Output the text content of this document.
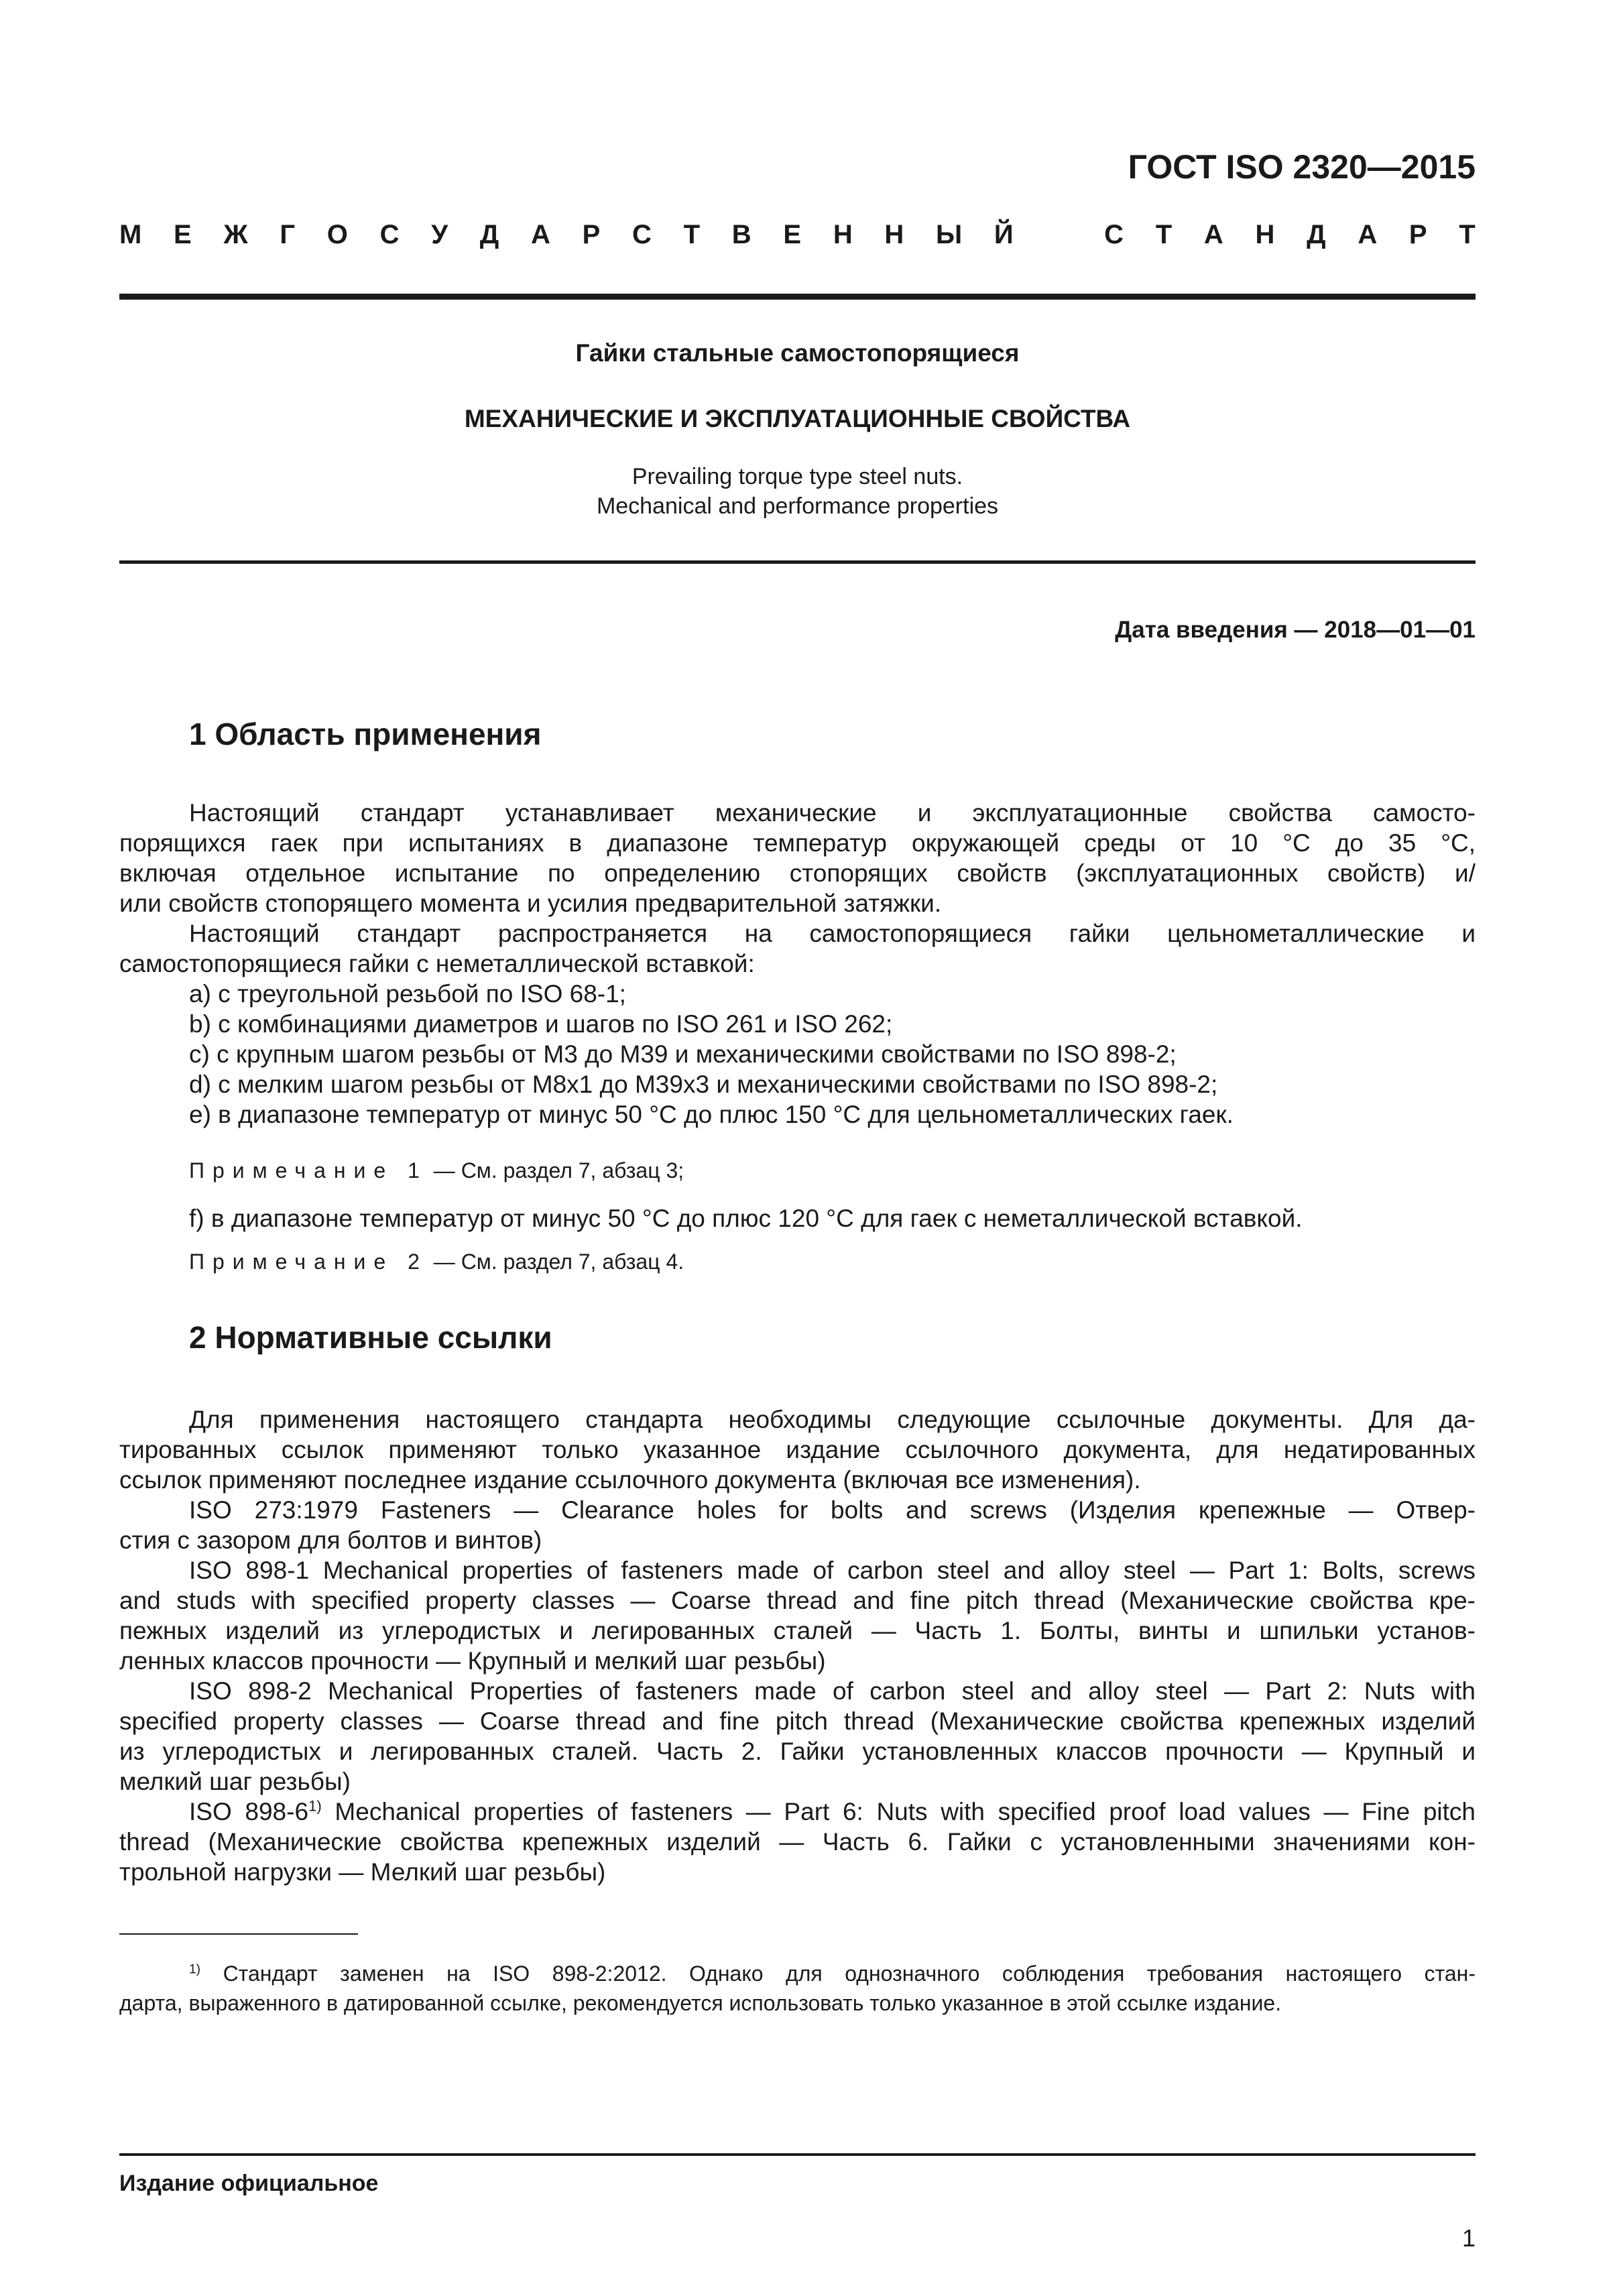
ГОСТ ISO 2320—2015
М Е Ж Г О С У Д А Р С Т В Е Н Н Ы Й	С Т А Н Д А Р Т
Гайки стальные самостопорящиеся
МЕХАНИЧЕСКИЕ И ЭКСПЛУАТАЦИОННЫЕ СВОЙСТВА
Prevailing torque type steel nuts.
Mechanical and performance properties
Дата введения — 2018—01—01
1 Область применения
Настоящий стандарт устанавливает механические и эксплуатационные свойства самосто-
порящихся гаек при испытаниях в диапазоне температур окружающей среды от 10 °С до 35 °С,
включая отдельное испытание по определению стопорящих свойств (эксплуатационных свойств) и/
или свойств стопорящего момента и усилия предварительной затяжки.
Настоящий стандарт распространяется на самостопорящиеся гайки цельнометаллические и
самостопорящиеся гайки с неметаллической вставкой:
a) с треугольной резьбой по ISO 68-1;
b) с комбинациями диаметров и шагов по ISO 261 и ISO 262;
c) с крупным шагом резьбы от М3 до М39 и механическими свойствами по ISO 898-2;
d) с мелким шагом резьбы от М8х1 до М39х3 и механическими свойствами по ISO 898-2;
e) в диапазоне температур от минус 50 °С до плюс 150 °С для цельнометаллических гаек.
Примечание 1 — См. раздел 7, абзац 3;
f) в диапазоне температур от минус 50 °С до плюс 120 °С для гаек с неметаллической вставкой.
Примечание 2 — См. раздел 7, абзац 4.
2 Нормативные ссылки
Для применения настоящего стандарта необходимы следующие ссылочные документы. Для да-
тированных ссылок применяют только указанное издание ссылочного документа, для недатированных
ссылок применяют последнее издание ссылочного документа (включая все изменения).
ISO 273:1979 Fasteners — Clearance holes for bolts and screws (Изделия крепежные — Отвер-
стия с зазором для болтов и винтов)
ISO 898-1 Mechanical properties of fasteners made of carbon steel and alloy steel — Part 1: Bolts, screws
and studs with specified property classes — Coarse thread and fine pitch thread (Механические свойства кре-
пежных изделий из углеродистых и легированных сталей — Часть 1. Болты, винты и шпильки установ-
ленных классов прочности — Крупный и мелкий шаг резьбы)
ISO 898-2 Mechanical Properties of fasteners made of carbon steel and alloy steel — Part 2: Nuts with
specified property classes — Coarse thread and fine pitch thread (Механические свойства крепежных изделий
из углеродистых и легированных сталей. Часть 2. Гайки установленных классов прочности — Крупный и
мелкий шаг резьбы)
ISO 898-6$^{1)}$ Mechanical properties of fasteners — Part 6: Nuts with specified proof load values — Fine pitch
thread (Механические свойства крепежных изделий — Часть 6. Гайки с установленными значениями кон-
трольной нагрузки — Мелкий шаг резьбы)
$^{1)}$ Стандарт заменен на ISO 898-2:2012. Однако для однозначного соблюдения требования настоящего стан-
дарта, выраженного в датированной ссылке, рекомендуется использовать только указанное в этой ссылке издание.
Издание официальное
1
